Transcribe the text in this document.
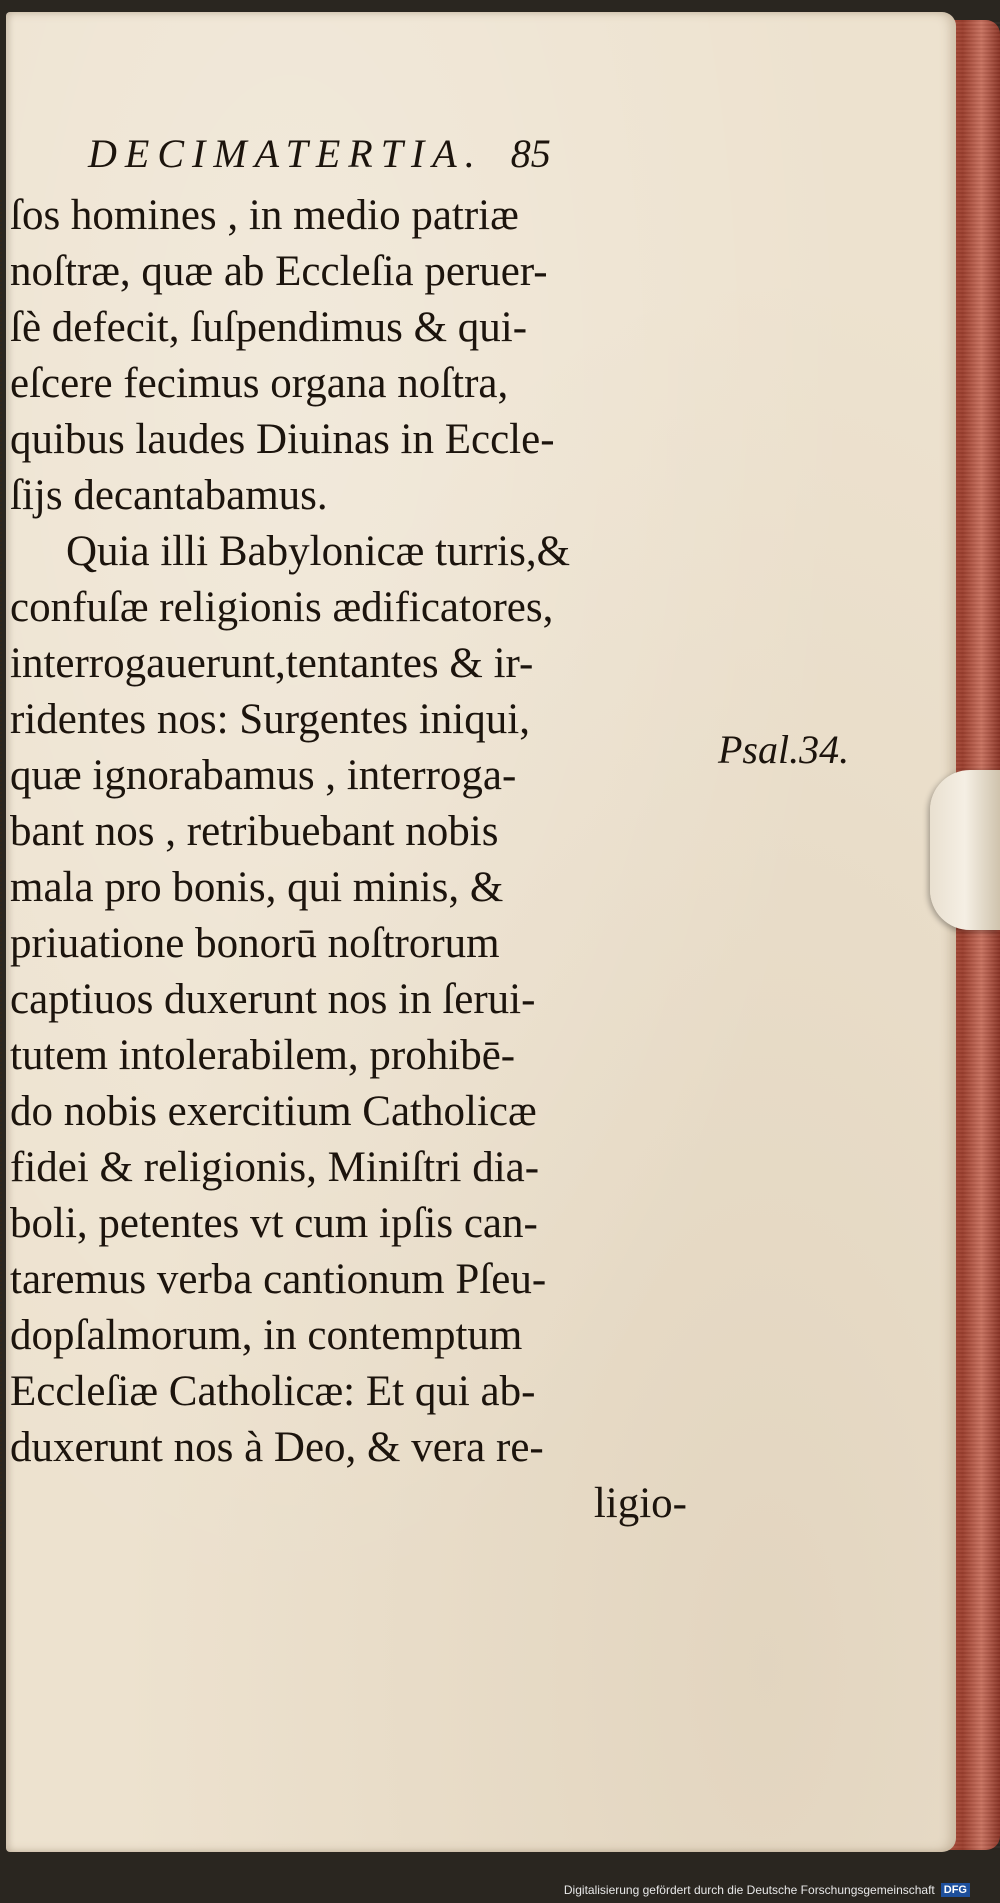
DECIMATERTIA. 85
ſos homines , in medio patriæ
noſtræ, quæ ab Eccleſia peruer-
ſè defecit, ſuſpendimus & qui-
eſcere fecimus organa noſtra,
quibus laudes Diuinas in Eccle-
ſijs decantabamus.
Quia illi Babylonicæ turris,&
confuſæ religionis ædificatores,
interrogauerunt,tentantes & ir-
ridentes nos: Surgentes iniqui,
quæ ignorabamus , interroga-
bant nos , retribuebant nobis
mala pro bonis, qui minis, &
priuatione bonorū noſtrorum
captiuos duxerunt nos in ſerui-
tutem intolerabilem, prohibē-
do nobis exercitium Catholicæ
fidei & religionis, Miniſtri dia-
boli, petentes vt cum ipſis can-
taremus verba cantionum Pſeu-
dopſalmorum, in contemptum
Eccleſiæ Catholicæ: Et qui ab-
duxerunt nos à Deo, & vera re-
ligio-
Psal.34.
Digitalisierung gefördert durch die Deutsche Forschungsgemeinschaft DFG
